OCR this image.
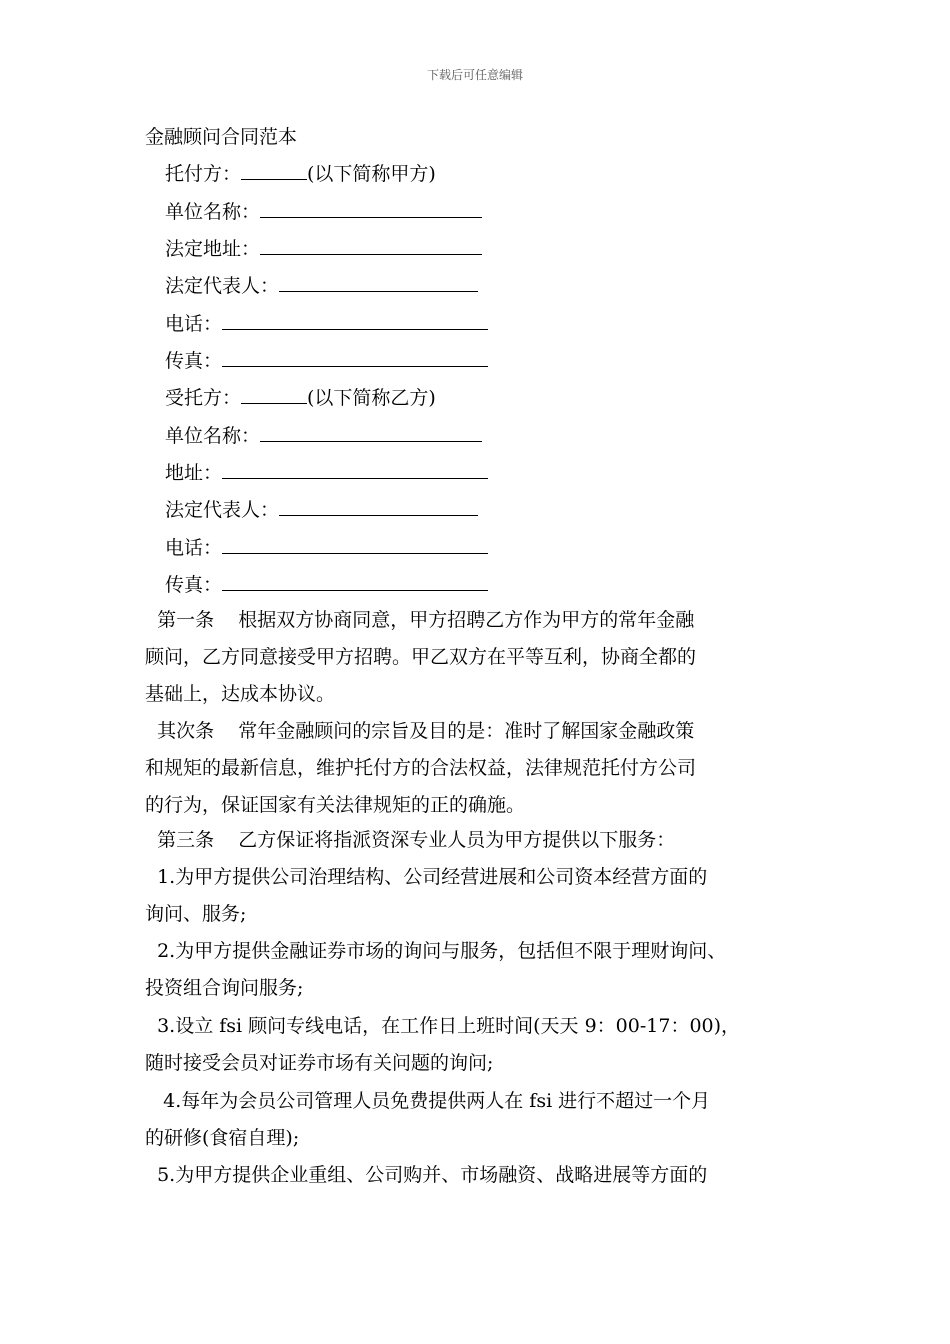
下载后可任意编辑
金融顾问合同范本
托付方：	(以下简称甲方)
单位名称：
法定地址：
法定代表人：
电话：
传真：
受托方：	(以下简称乙方)
单位名称：
地址：
法定代表人：
电话：
传真：
第一条    根据双方协商同意，甲方招聘乙方作为甲方的常年金融
顾问，乙方同意接受甲方招聘。甲乙双方在平等互利，协商全都的
基础上，达成本协议。
其次条    常年金融顾问的宗旨及目的是：准时了解国家金融政策
和规矩的最新信息，维护托付方的合法权益，法律规范托付方公司
的行为，保证国家有关法律规矩的正的确施。
第三条    乙方保证将指派资深专业人员为甲方提供以下服务：
1.为甲方提供公司治理结构、公司经营进展和公司资本经营方面的
询问、服务;
2.为甲方提供金融证券市场的询问与服务，包括但不限于理财询问、
投资组合询问服务;
3.设立 fsi 顾问专线电话，在工作日上班时间(天天 9：00-17：00)，
随时接受会员对证券市场有关问题的询问;
4.每年为会员公司管理人员免费提供两人在 fsi 进行不超过一个月
的研修(食宿自理);
5.为甲方提供企业重组、公司购并、市场融资、战略进展等方面的
